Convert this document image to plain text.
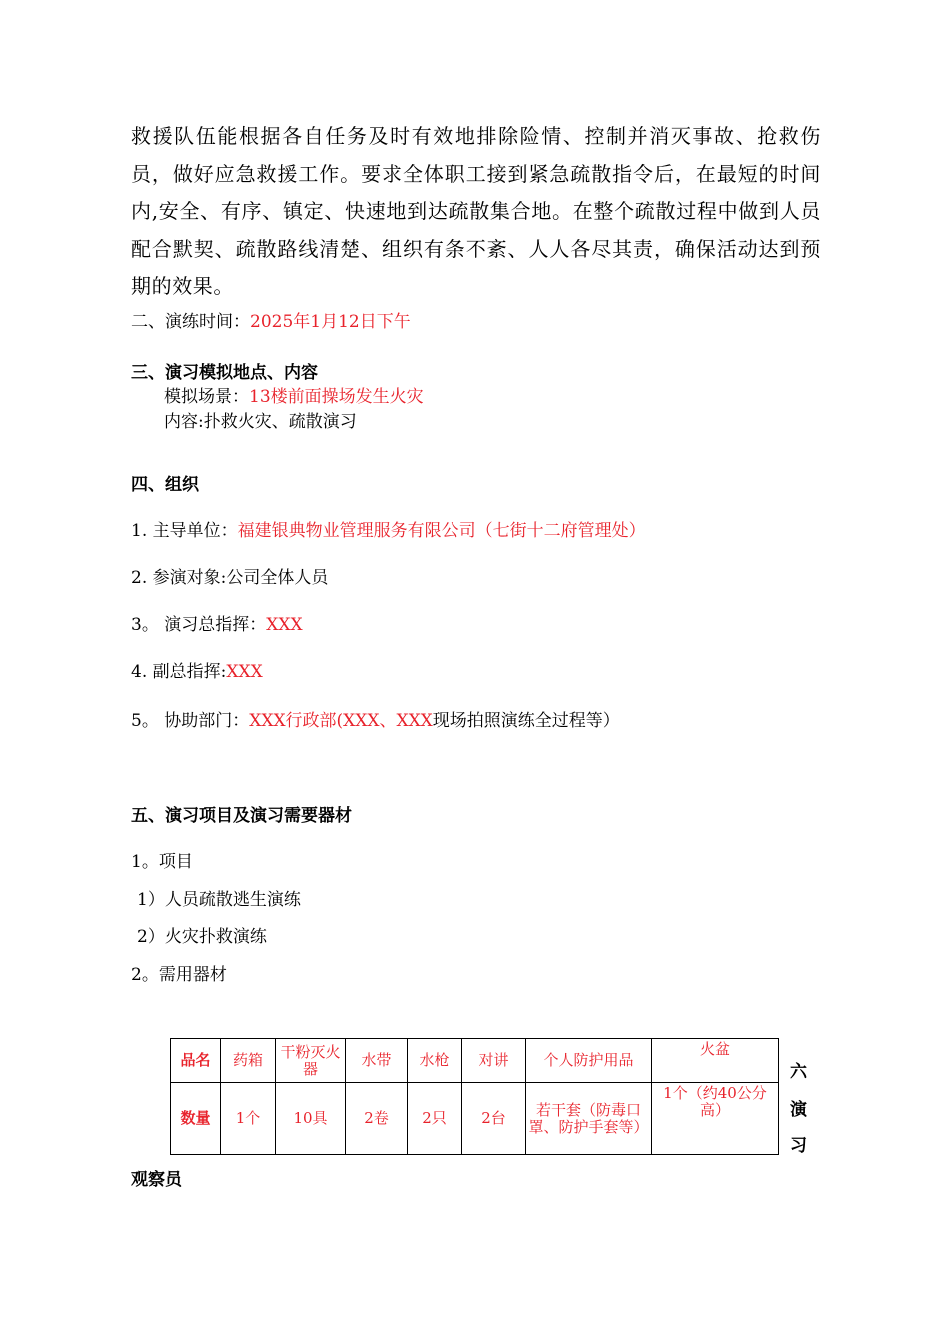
救援队伍能根据各自任务及时有效地排除险情、控制并消灭事故、抢救伤员，做好应急救援工作。要求全体职工接到紧急疏散指令后，在最短的时间内,安全、有序、镇定、快速地到达疏散集合地。在整个疏散过程中做到人员配合默契、疏散路线清楚、组织有条不紊、人人各尽其责，确保活动达到预期的效果。
二、演练时间：2025年1月12日下午
三、演习模拟地点、内容
模拟场景：13楼前面操场发生火灾
内容:扑救火灾、疏散演习
四、组织
1. 主导单位：福建银典物业管理服务有限公司（七街十二府管理处）
2. 参演对象:公司全体人员
3。 演习总指挥：XXX
4. 副总指挥:XXX
5。 协助部门：XXX行政部(XXX、XXX现场拍照演练全过程等）
五、演习项目及演习需要器材
1。项目
1）人员疏散逃生演练
2）火灾扑救演练
2。需用器材
品名	药箱	干粉灭火器	水带	水枪	对讲	个人防护用品	火盆
数量	1个	10具	2卷	2只	2台	若干套（防毒口罩、防护手套等）	1个（约40公分高）
六
演
习
观察员
